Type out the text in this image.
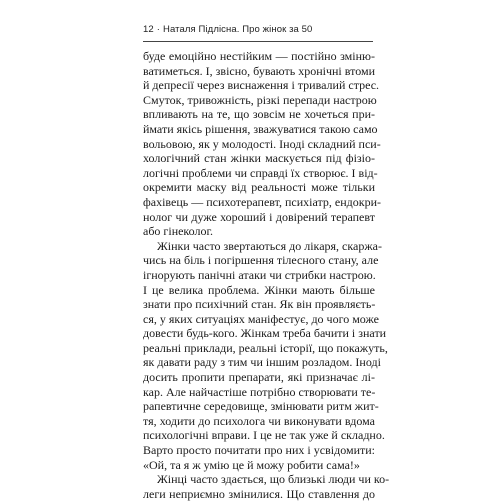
12 · Наталя Підлісна. Про жінок за 50
буде емоційно нестійким — постійно зміню-
ватиметься. І, звісно, бувають хронічні втоми
й депресії через виснаження і тривалий стрес.
Смуток, тривожність, різкі перепади настрою
впливають на те, що зовсім не хочеться при-
ймати якісь рішення, зважуватися такою само
вольовою, як у молодості. Іноді складний пси-
хологічний стан жінки маскується під фізіо-
логічні проблеми чи справді їх створює. І від-
окремити маску від реальності може тільки
фахівець — психотерапевт, психіатр, ендокри-
нолог чи дуже хороший і довірений терапевт
або гінеколог.
Жінки часто звертаються до лікаря, скаржа-
чись на біль і погіршення тілесного стану, але
ігнорують панічні атаки чи стрибки настрою.
І це велика проблема. Жінки мають більше
знати про психічний стан. Як він проявляєть-
ся, у яких ситуаціях маніфестує, до чого може
довести будь-кого. Жінкам треба бачити і знати
реальні приклади, реальні історії, що покажуть,
як давати раду з тим чи іншим розладом. Іноді
досить пропити препарати, які призначає лі-
кар. Але найчастіше потрібно створювати те-
рапевтичне середовище, змінювати ритм жит-
тя, ходити до психолога чи виконувати вдома
психологічні вправи. І це не так уже й складно.
Варто просто почитати про них і усвідомити:
«Ой, та я ж умію це й можу робити сама!»
Жінці часто здається, що близькі люди чи ко-
леги неприємно змінилися. Що ставлення до
